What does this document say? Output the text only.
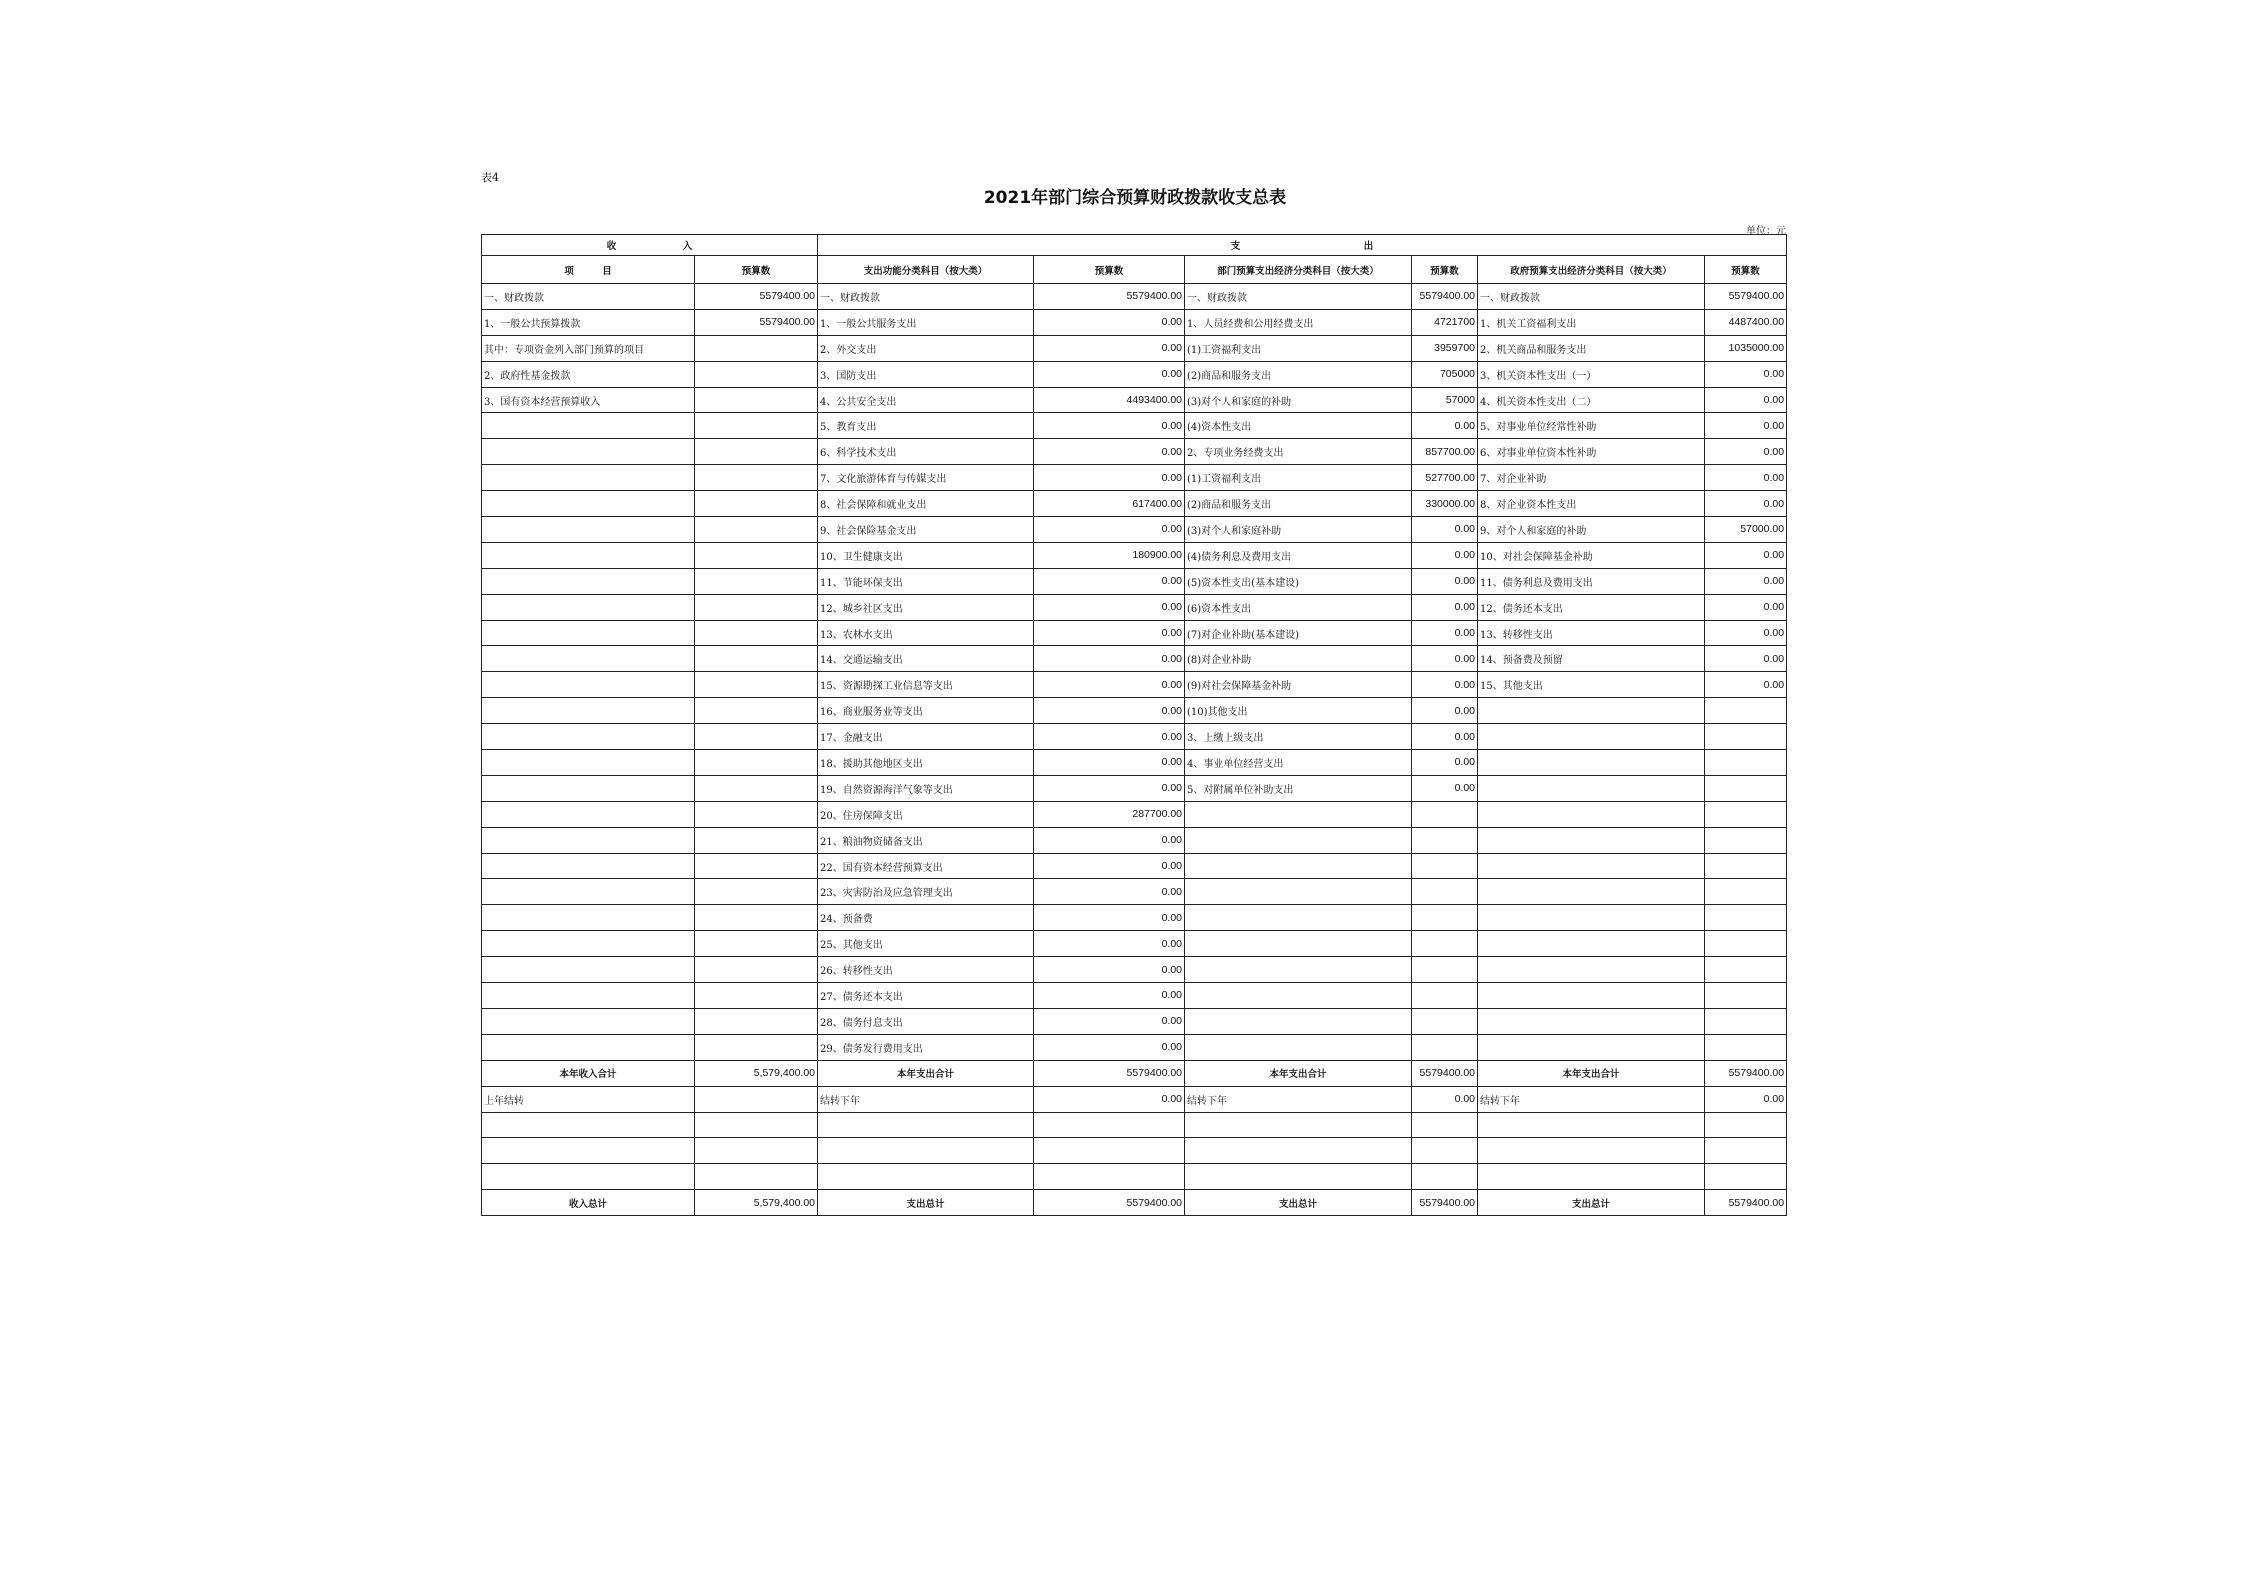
表4
2021年部门综合预算财政拨款收支总表
单位：元
收　　　　　　　入		支　　　　　　　　　　　　　出					
项　　　目	预算数	支出功能分类科目（按大类）	预算数	部门预算支出经济分类科目（按大类）	预算数	政府预算支出经济分类科目（按大类）	预算数
一、财政拨款	5579400.00	一、财政拨款	5579400.00	一、财政拨款	5579400.00	一、财政拨款	5579400.00
1、一般公共预算拨款	5579400.00	1、一般公共服务支出	0.00	1、人员经费和公用经费支出	4721700	1、机关工资福利支出	4487400.00
其中：专项资金列入部门预算的项目		2、外交支出	0.00	(1)工资福利支出	3959700	2、机关商品和服务支出	1035000.00
2、政府性基金拨款		3、国防支出	0.00	(2)商品和服务支出	705000	3、机关资本性支出（一）	0.00
3、国有资本经营预算收入		4、公共安全支出	4493400.00	(3)对个人和家庭的补助	57000	4、机关资本性支出（二）	0.00
		5、教育支出	0.00	(4)资本性支出	0.00	5、对事业单位经常性补助	0.00
		6、科学技术支出	0.00	2、专项业务经费支出	857700.00	6、对事业单位资本性补助	0.00
		7、文化旅游体育与传媒支出	0.00	(1)工资福利支出	527700.00	7、对企业补助	0.00
		8、社会保障和就业支出	617400.00	(2)商品和服务支出	330000.00	8、对企业资本性支出	0.00
		9、社会保险基金支出	0.00	(3)对个人和家庭补助	0.00	9、对个人和家庭的补助	57000.00
		10、卫生健康支出	180900.00	(4)债务利息及费用支出	0.00	10、对社会保障基金补助	0.00
		11、节能环保支出	0.00	(5)资本性支出(基本建设)	0.00	11、债务利息及费用支出	0.00
		12、城乡社区支出	0.00	(6)资本性支出	0.00	12、债务还本支出	0.00
		13、农林水支出	0.00	(7)对企业补助(基本建设)	0.00	13、转移性支出	0.00
		14、交通运输支出	0.00	(8)对企业补助	0.00	14、预备费及预留	0.00
		15、资源勘探工业信息等支出	0.00	(9)对社会保障基金补助	0.00	15、其他支出	0.00
		16、商业服务业等支出	0.00	(10)其他支出	0.00		
		17、金融支出	0.00	3、上缴上级支出	0.00		
		18、援助其他地区支出	0.00	4、事业单位经营支出	0.00		
		19、自然资源海洋气象等支出	0.00	5、对附属单位补助支出	0.00		
		20、住房保障支出	287700.00				
		21、粮油物资储备支出	0.00				
		22、国有资本经营预算支出	0.00				
		23、灾害防治及应急管理支出	0.00				
		24、预备费	0.00				
		25、其他支出	0.00				
		26、转移性支出	0.00				
		27、债务还本支出	0.00				
		28、债务付息支出	0.00				
		29、债务发行费用支出	0.00				
本年收入合计	5,579,400.00	本年支出合计	5579400.00	本年支出合计	5579400.00	本年支出合计	5579400.00
上年结转		结转下年	0.00	结转下年	0.00	结转下年	0.00

收入总计	5,579,400.00	支出总计	5579400.00	支出总计	5579400.00	支出总计	5579400.00
